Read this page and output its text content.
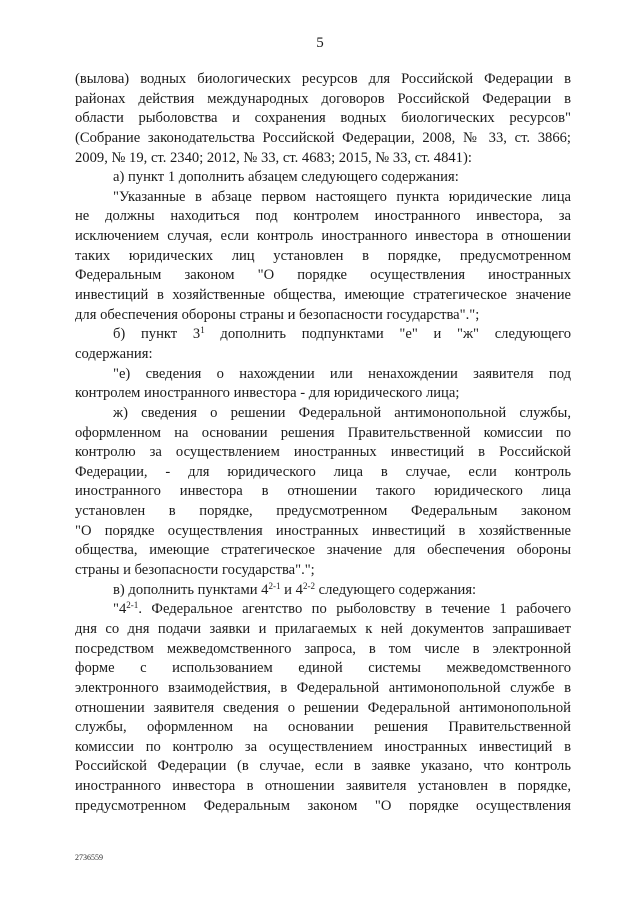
5
(вылова) водных биологических ресурсов для Российской Федерации в
районах действия международных договоров Российской Федерации в
области рыболовства и сохранения водных биологических ресурсов"
(Собрание законодательства Российской Федерации, 2008, № 33, ст. 3866;
2009, № 19, ст. 2340; 2012, № 33, ст. 4683; 2015, № 33, ст. 4841):
а) пункт 1 дополнить абзацем следующего содержания:
"Указанные в абзаце первом настоящего пункта юридические лица
не должны находиться под контролем иностранного инвестора, за
исключением случая, если контроль иностранного инвестора в отношении
таких юридических лиц установлен в порядке, предусмотренном
Федеральным законом "О порядке осуществления иностранных
инвестиций в хозяйственные общества, имеющие стратегическое значение
для обеспечения обороны страны и безопасности государства".";
б) пункт $3^1$ дополнить подпунктами "е" и "ж" следующего
содержания:
"е) сведения о нахождении или ненахождении заявителя под
контролем иностранного инвестора - для юридического лица;
ж) сведения о решении Федеральной антимонопольной службы,
оформленном на основании решения Правительственной комиссии по
контролю за осуществлением иностранных инвестиций в Российской
Федерации, - для юридического лица в случае, если контроль
иностранного инвестора в отношении такого юридического лица
установлен в порядке, предусмотренном Федеральным законом
"О порядке осуществления иностранных инвестиций в хозяйственные
общества, имеющие стратегическое значение для обеспечения обороны
страны и безопасности государства".";
в) дополнить пунктами 4$^{2-1}$ и 4$^{2-2}$ следующего содержания:
"4$^{2-1}$. Федеральное агентство по рыболовству в течение 1 рабочего
дня со дня подачи заявки и прилагаемых к ней документов запрашивает
посредством межведомственного запроса, в том числе в электронной
форме с использованием единой системы межведомственного
электронного взаимодействия, в Федеральной антимонопольной службе в
отношении заявителя сведения о решении Федеральной антимонопольной
службы, оформленном на основании решения Правительственной
комиссии по контролю за осуществлением иностранных инвестиций в
Российской Федерации (в случае, если в заявке указано, что контроль
иностранного инвестора в отношении заявителя установлен в порядке,
предусмотренном Федеральным законом "О порядке осуществления
2736559
